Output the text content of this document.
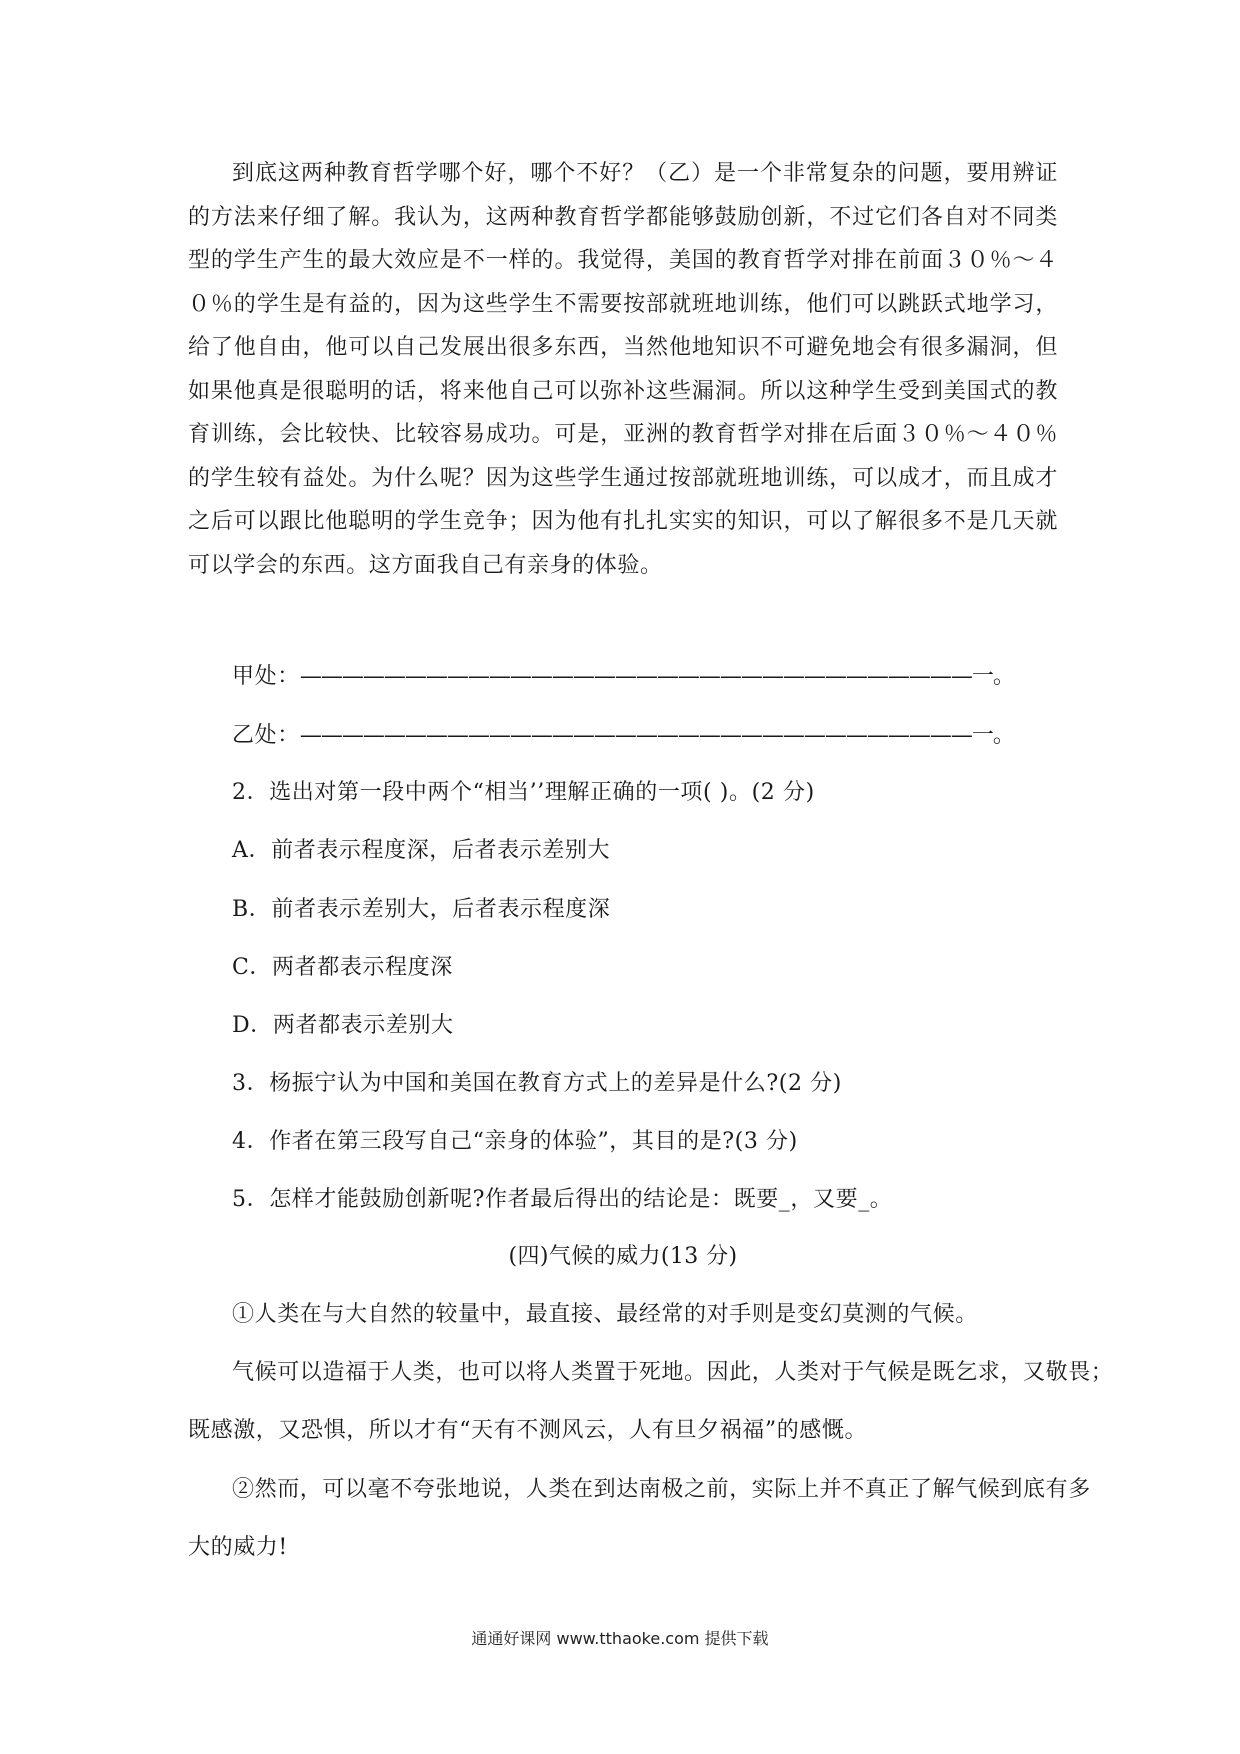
到底这两种教育哲学哪个好，哪个不好？（乙）是一个非常复杂的问题，要用辨证的方法来仔细了解。我认为，这两种教育哲学都能够鼓励创新，不过它们各自对不同类型的学生产生的最大效应是不一样的。我觉得，美国的教育哲学对排在前面３０％～４０％的学生是有益的，因为这些学生不需要按部就班地训练，他们可以跳跃式地学习，给了他自由，他可以自己发展出很多东西，当然他地知识不可避免地会有很多漏洞，但如果他真是很聪明的话，将来他自己可以弥补这些漏洞。所以这种学生受到美国式的教育训练，会比较快、比较容易成功。可是，亚洲的教育哲学对排在后面３０％～４０％的学生较有益处。为什么呢？因为这些学生通过按部就班地训练，可以成才，而且成才之后可以跟比他聪明的学生竞争；因为他有扎扎实实的知识，可以了解很多不是几天就可以学会的东西。这方面我自己有亲身的体验。
甲处：————————————————————————————————一。
乙处：————————————————————————————————一。
2．选出对第一段中两个“相当’’理解正确的一项( )。(2 分)
A．前者表示程度深，后者表示差别大
B．前者表示差别大，后者表示程度深
C．两者都表示程度深
D．两者都表示差别大
3．杨振宁认为中国和美国在教育方式上的差异是什么?(2 分)
4．作者在第三段写自己“亲身的体验”，其目的是?(3 分)
5．怎样才能鼓励创新呢?作者最后得出的结论是：既要_，又要_。
(四)气候的威力(13 分)
①人类在与大自然的较量中，最直接、最经常的对手则是变幻莫测的气候。
气候可以造福于人类，也可以将人类置于死地。因此，人类对于气候是既乞求，又敬畏；
既感激，又恐惧，所以才有“天有不测风云，人有旦夕祸福”的感慨。
②然而，可以毫不夸张地说，人类在到达南极之前，实际上并不真正了解气候到底有多
大的威力!
通通好课网 www.tthaoke.com 提供下载
